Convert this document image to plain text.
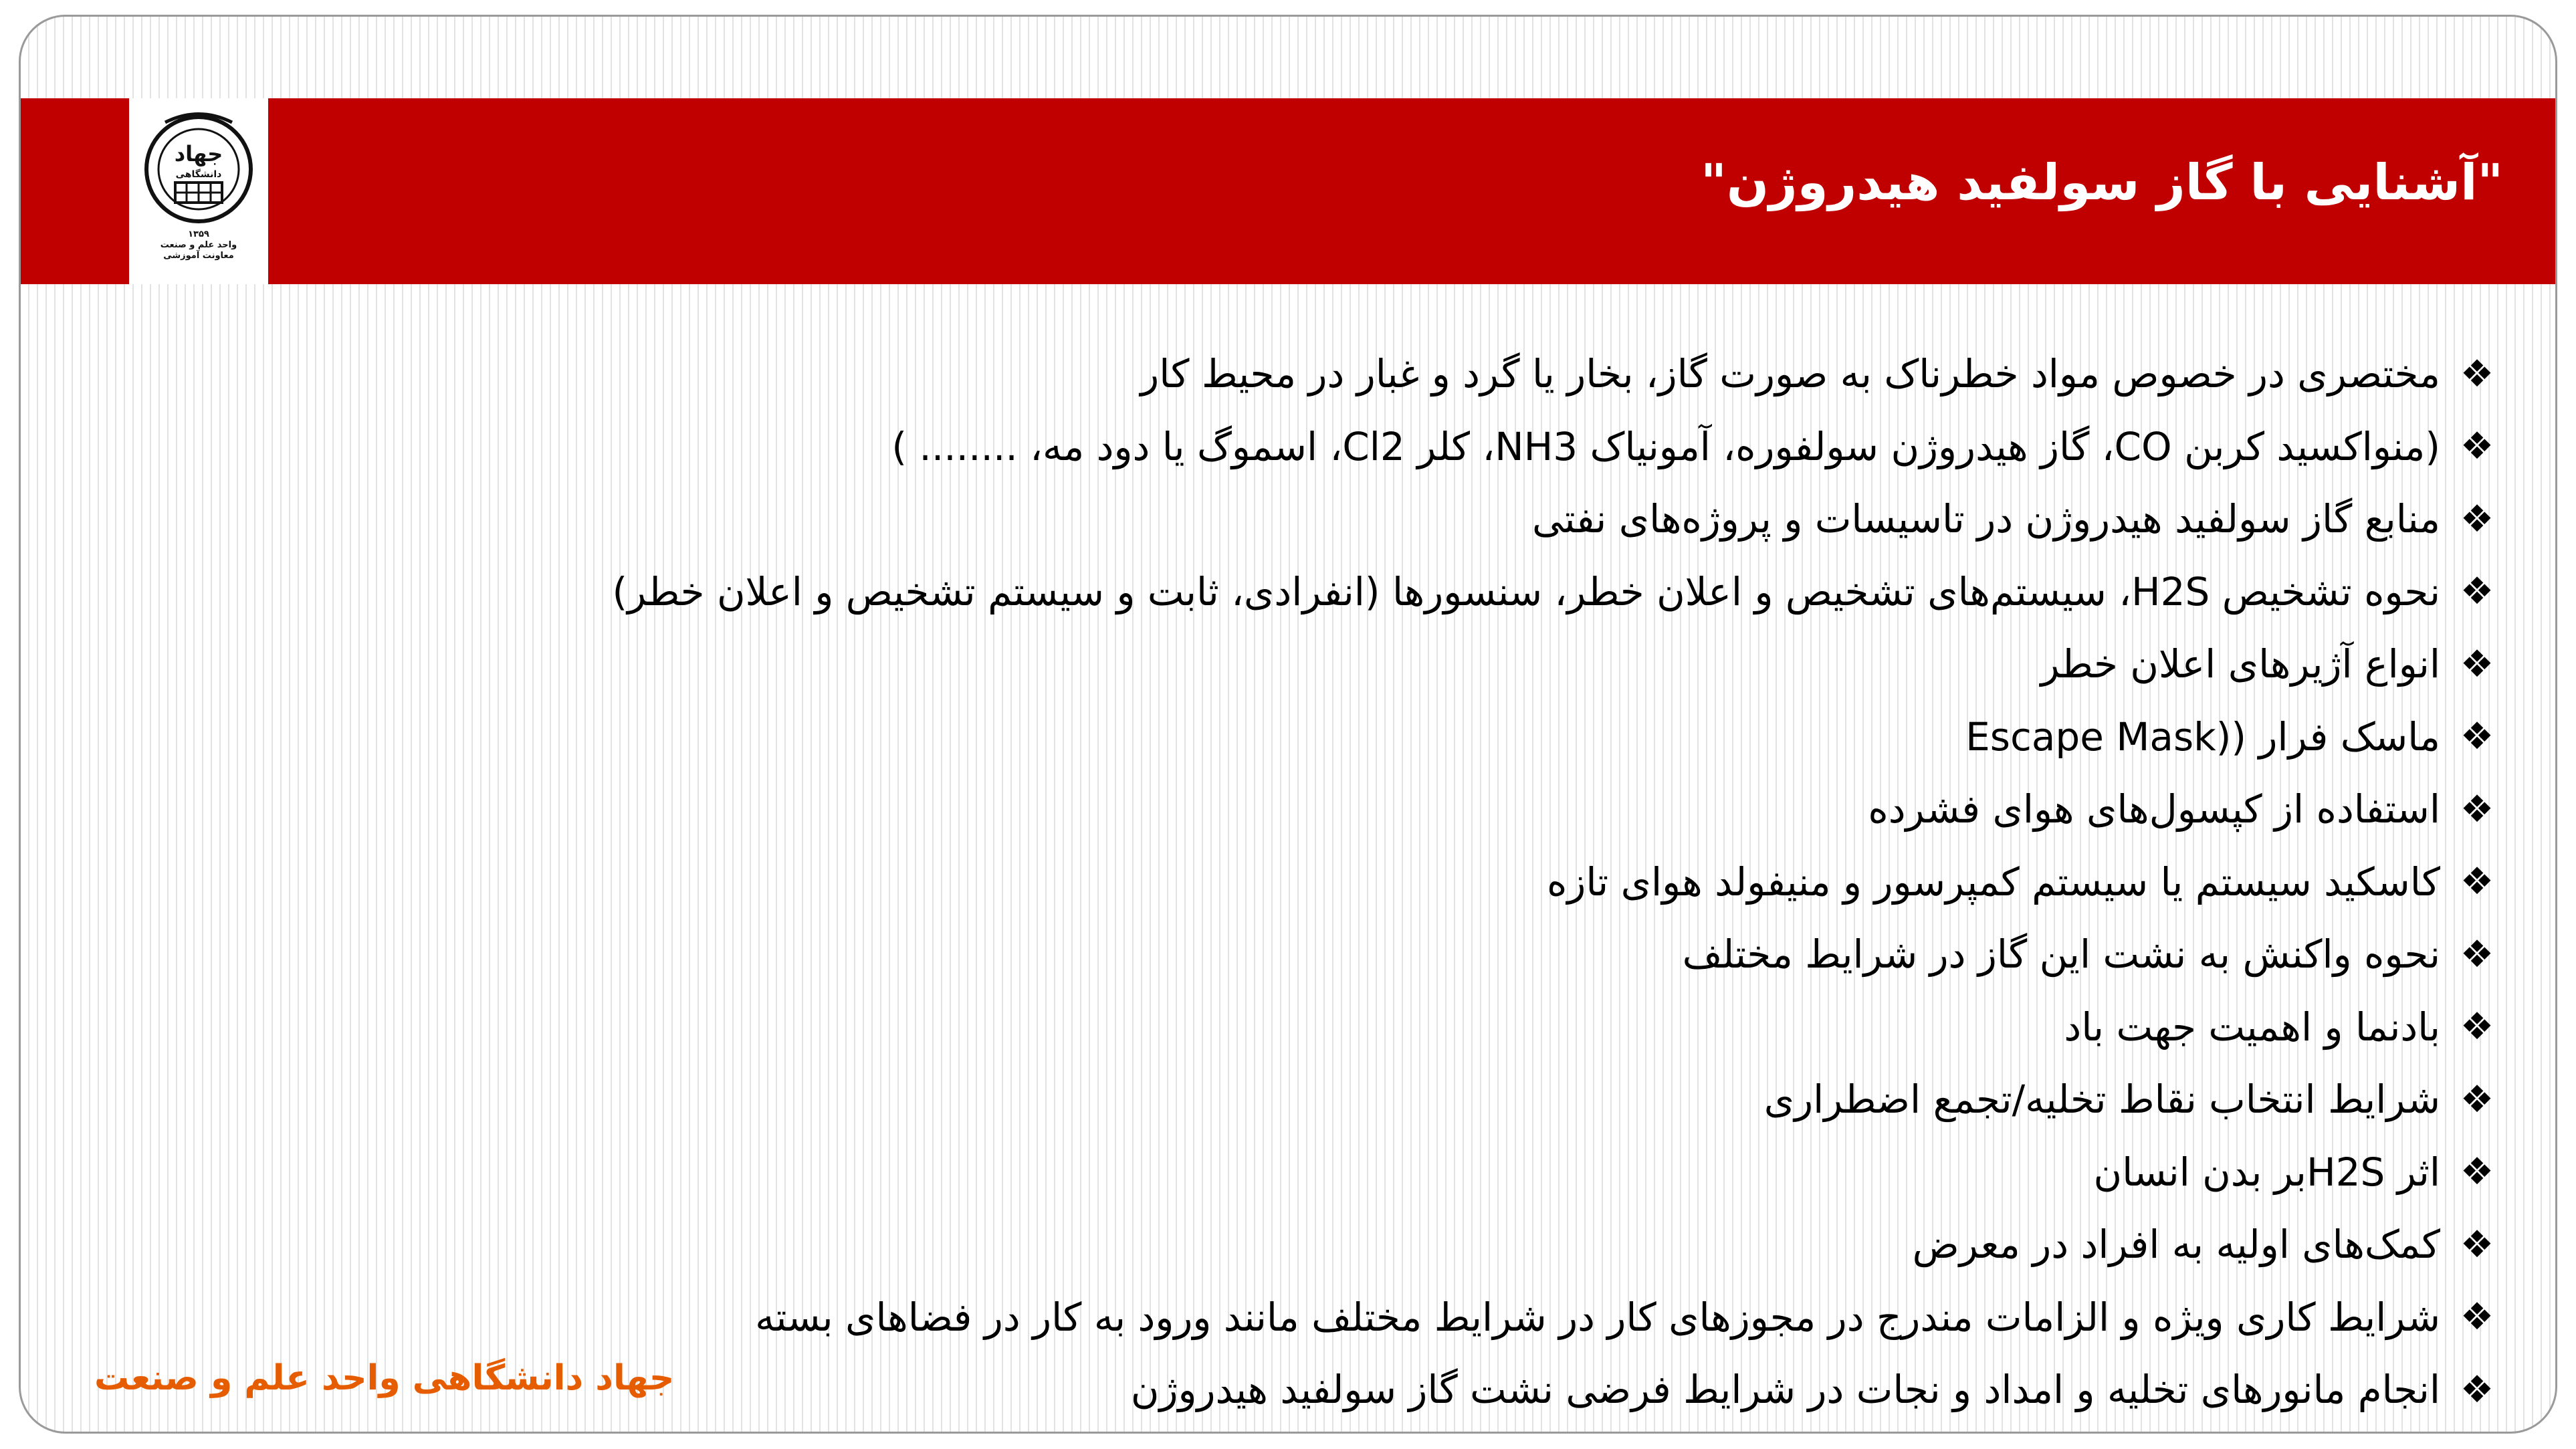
جهاد
دانشگاهی
۱۳۵۹
واحد علم و صنعت
معاونت آموزشی
"آشنایی با گاز سولفید هیدروژن"
❖
مختصری در خصوص مواد خطرناک به صورت گاز، بخار یا گرد و غبار در محیط کار
❖
(منواکسید کربن CO، گاز هیدروژن سولفوره، آمونیاک NH3، کلر Cl2، اسموگ یا دود مه، ........ )
❖
منابع گاز سولفید هیدروژن در تاسیسات و پروژه‌های نفتی
❖
نحوه تشخیص H2S، سیستم‌های تشخیص و اعلان خطر، سنسورها (انفرادی، ثابت و سیستم تشخیص و اعلان خطر)
❖
انواع آژیرهای اعلان خطر
❖
ماسک فرار ((Escape Mask
❖
استفاده از کپسول‌های هوای فشرده
❖
کاسکید سیستم یا سیستم کمپرسور و منیفولد هوای تازه
❖
نحوه واکنش به نشت این گاز در شرایط مختلف
❖
بادنما و اهمیت جهت باد
❖
شرایط انتخاب نقاط تخلیه/تجمع اضطراری
❖
اثر H2Sبر بدن انسان
❖
کمک‌های اولیه به افراد در معرض
❖
شرایط کاری ویژه و الزامات مندرج در مجوزهای کار در شرایط مختلف مانند ورود به کار در فضاهای بسته
❖
انجام مانورهای تخلیه و امداد و نجات در شرایط فرضی نشت گاز سولفید هیدروژن
جهاد دانشگاهی واحد علم و صنعت
